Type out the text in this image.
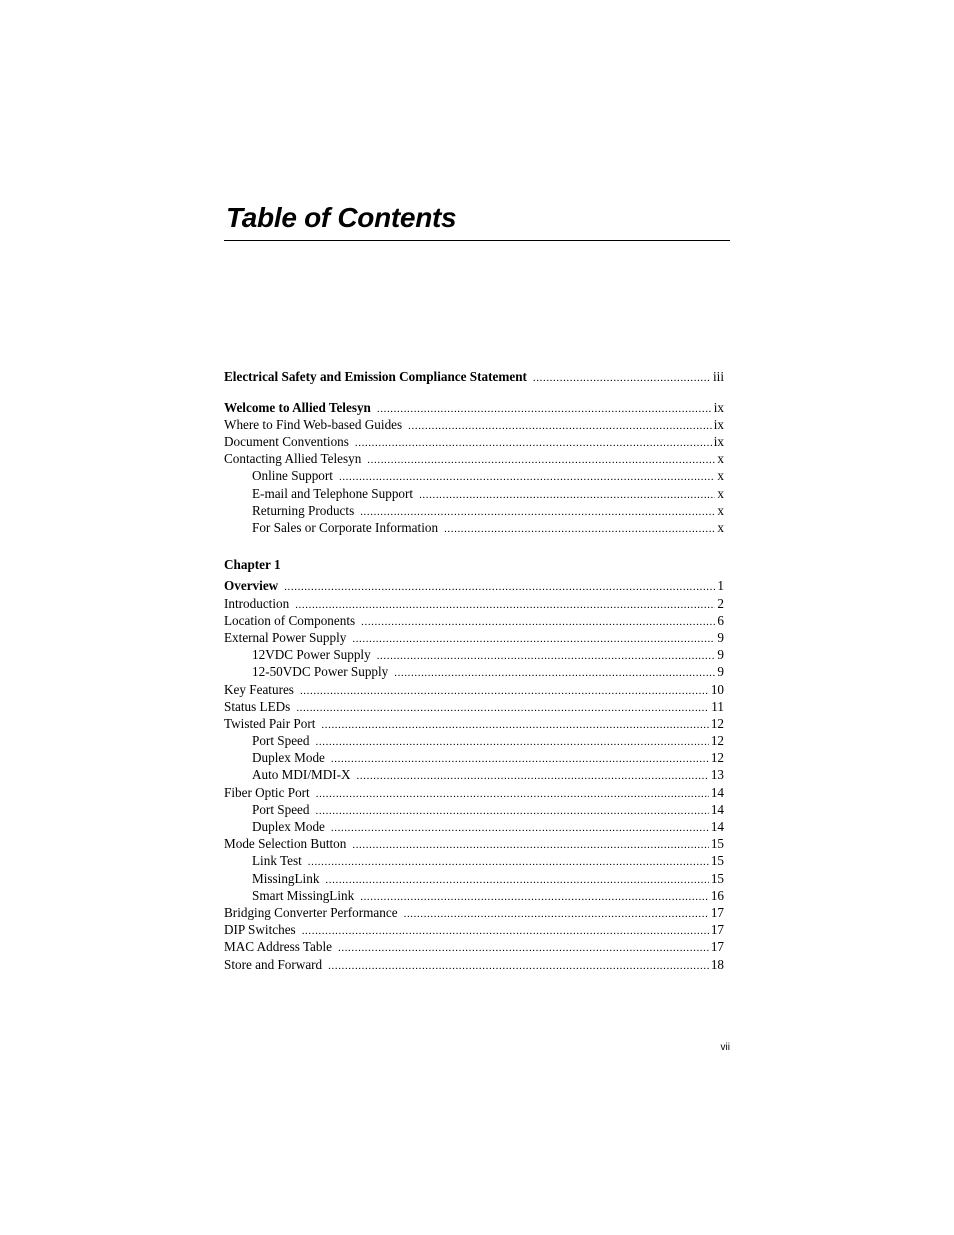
Table of Contents
Electrical Safety and Emission Compliance Statement .....	iii
Welcome to Allied Telesyn .....	ix
Where to Find Web-based Guides .....	ix
Document Conventions .....	ix
Contacting Allied Telesyn .....	x
Online Support .....	x
E-mail and Telephone Support .....	x
Returning Products .....	x
For Sales or Corporate Information .....	x
Chapter 1
Overview .....	1
Introduction .....	2
Location of Components .....	6
External Power Supply .....	9
12VDC Power Supply .....	9
12-50VDC Power Supply .....	9
Key Features .....	10
Status LEDs .....	11
Twisted Pair Port .....	12
Port Speed .....	12
Duplex Mode .....	12
Auto MDI/MDI-X .....	13
Fiber Optic Port .....	14
Port Speed .....	14
Duplex Mode .....	14
Mode Selection Button .....	15
Link Test .....	15
MissingLink .....	15
Smart MissingLink .....	16
Bridging Converter Performance .....	17
DIP Switches .....	17
MAC Address Table .....	17
Store and Forward .....	18
vii
